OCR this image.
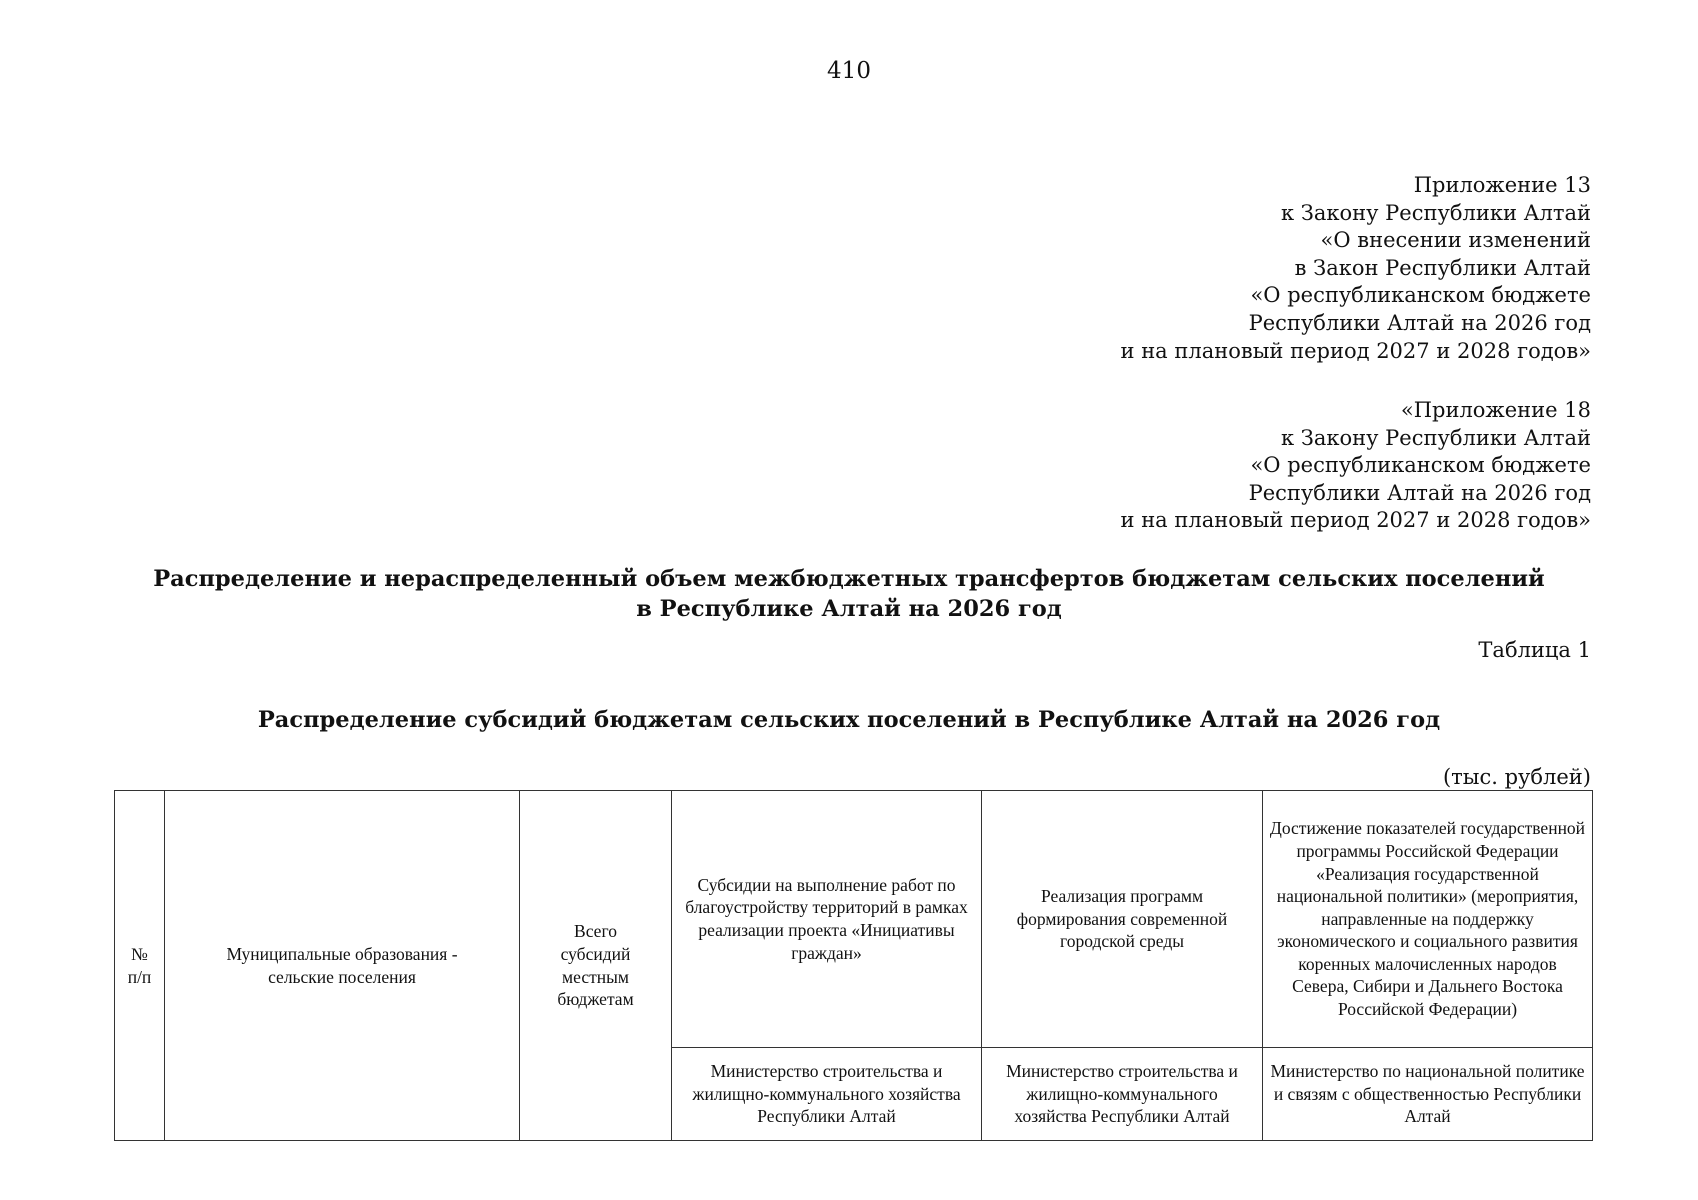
410
Приложение 13
к Закону Республики Алтай
«О внесении изменений
в Закон Республики Алтай
«О республиканском бюджете
Республики Алтай на 2026 год
и на плановый период 2027 и 2028 годов»
«Приложение 18
к Закону Республики Алтай
«О республиканском бюджете
Республики Алтай на 2026 год
и на плановый период 2027 и 2028 годов»
Распределение и нераспределенный объем межбюджетных трансфертов бюджетам сельских поселений
в Республике Алтай на 2026 год
Таблица 1
Распределение субсидий бюджетам сельских поселений в Республике Алтай на 2026 год
(тыс. рублей)
№ п/п	Муниципальные образования - сельские поселения	Всего субсидий местным бюджетам	Субсидии на выполнение работ по благоустройству территорий в рамках реализации проекта «Инициативы граждан»	Реализация программ формирования современной городской среды	Достижение показателей государственной программы Российской Федерации «Реализация государственной национальной политики» (мероприятия, направленные на поддержку экономического и социального развития коренных малочисленных народов Севера, Сибири и Дальнего Востока Российской Федерации)

			Министерство строительства и жилищно-коммунального хозяйства Республики Алтай	Министерство строительства и жилищно-коммунального хозяйства Республики Алтай	Министерство по национальной политике и связям с общественностью Республики Алтай
